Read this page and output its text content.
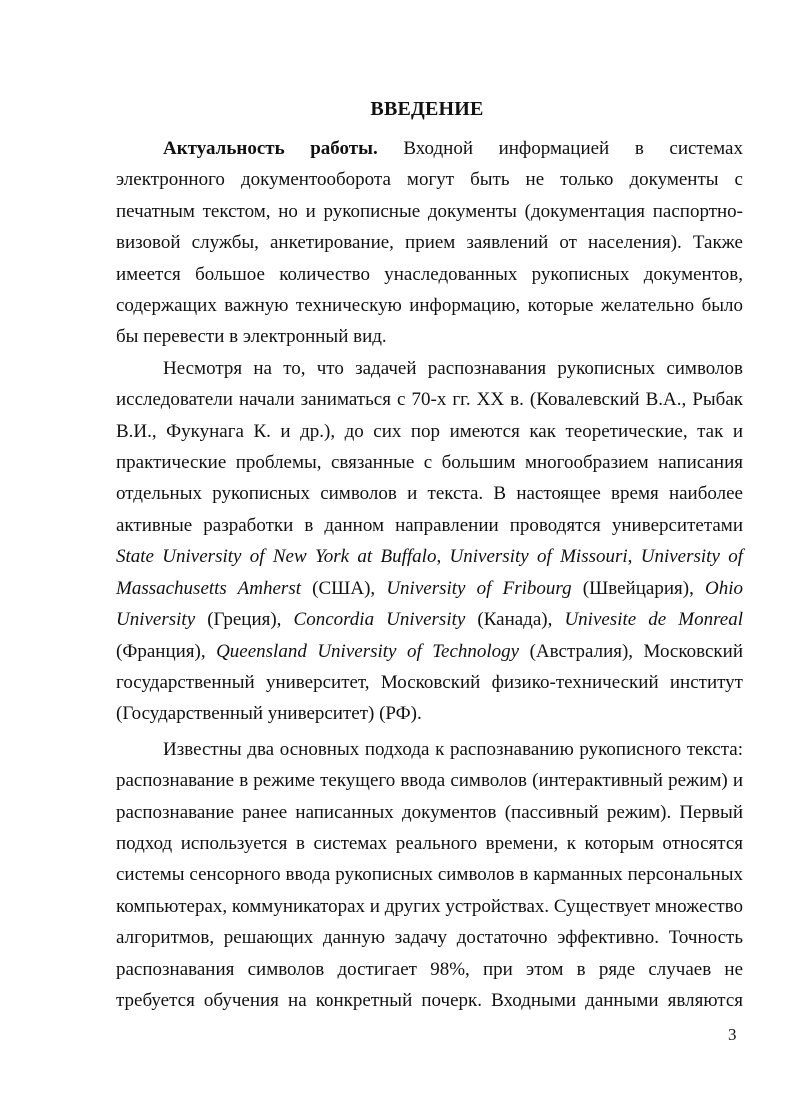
ВВЕДЕНИЕ

Актуальность работы. Входной информацией в системах электронного документооборота могут быть не только документы с печатным текстом, но и рукописные документы (документация паспортно-визовой службы, анкетирование, прием заявлений от населения). Также имеется большое количество унаследованных рукописных документов, содержащих важную техническую информацию, которые желательно было бы перевести в электронный вид.

Несмотря на то, что задачей распознавания рукописных символов исследователи начали заниматься с 70-х гг. XX в. (Ковалевский В.А., Рыбак В.И., Фукунага К. и др.), до сих пор имеются как теоретические, так и практические проблемы, связанные с большим многообразием написания отдельных рукописных символов и текста. В настоящее время наиболее активные разработки в данном направлении проводятся университетами State University of New York at Buffalo, University of Missouri, University of Massachusetts Amherst (США), University of Fribourg (Швейцария), Ohio University (Греция), Concordia University (Канада), Univesite de Monreal (Франция), Queensland University of Technology (Австралия), Московский государственный университет, Московский физико-технический институт (Государственный университет) (РФ).

Известны два основных подхода к распознаванию рукописного текста: распознавание в режиме текущего ввода символов (интерактивный режим) и распознавание ранее написанных документов (пассивный режим). Первый подход используется в системах реального времени, к которым относятся системы сенсорного ввода рукописных символов в карманных персональных компьютерах, коммуникаторах и других устройствах. Существует множество алгоритмов, решающих данную задачу достаточно эффективно. Точность распознавания символов достигает 98%, при этом в ряде случаев не требуется обучения на конкретный почерк. Входными данными являются

3
